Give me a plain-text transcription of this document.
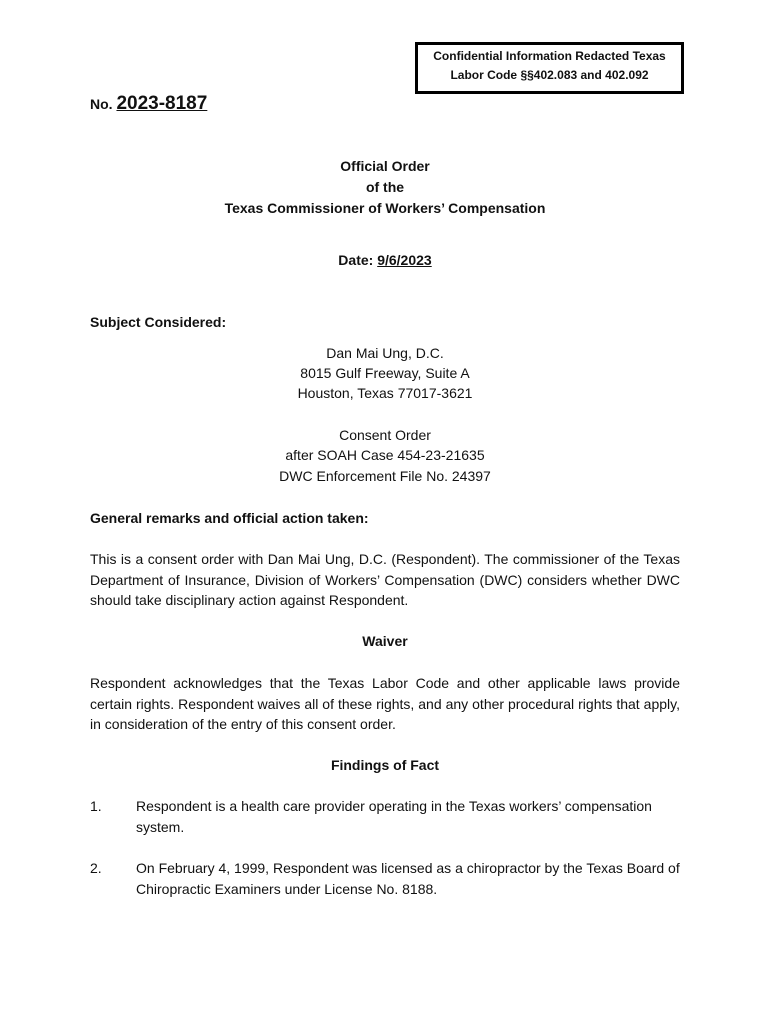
Confidential Information Redacted Texas
Labor Code §§402.083 and 402.092
No. 2023-8187
Official Order
of the
Texas Commissioner of Workers’ Compensation
Date: 9/6/2023
Subject Considered:
Dan Mai Ung, D.C.
8015 Gulf Freeway, Suite A
Houston, Texas 77017-3621
Consent Order
after SOAH Case 454-23-21635
DWC Enforcement File No. 24397
General remarks and official action taken:
This is a consent order with Dan Mai Ung, D.C. (Respondent). The commissioner of the Texas Department of Insurance, Division of Workers’ Compensation (DWC) considers whether DWC should take disciplinary action against Respondent.
Waiver
Respondent acknowledges that the Texas Labor Code and other applicable laws provide certain rights. Respondent waives all of these rights, and any other procedural rights that apply, in consideration of the entry of this consent order.
Findings of Fact
1. Respondent is a health care provider operating in the Texas workers’ compensation system.
2. On February 4, 1999, Respondent was licensed as a chiropractor by the Texas Board of Chiropractic Examiners under License No. 8188.
